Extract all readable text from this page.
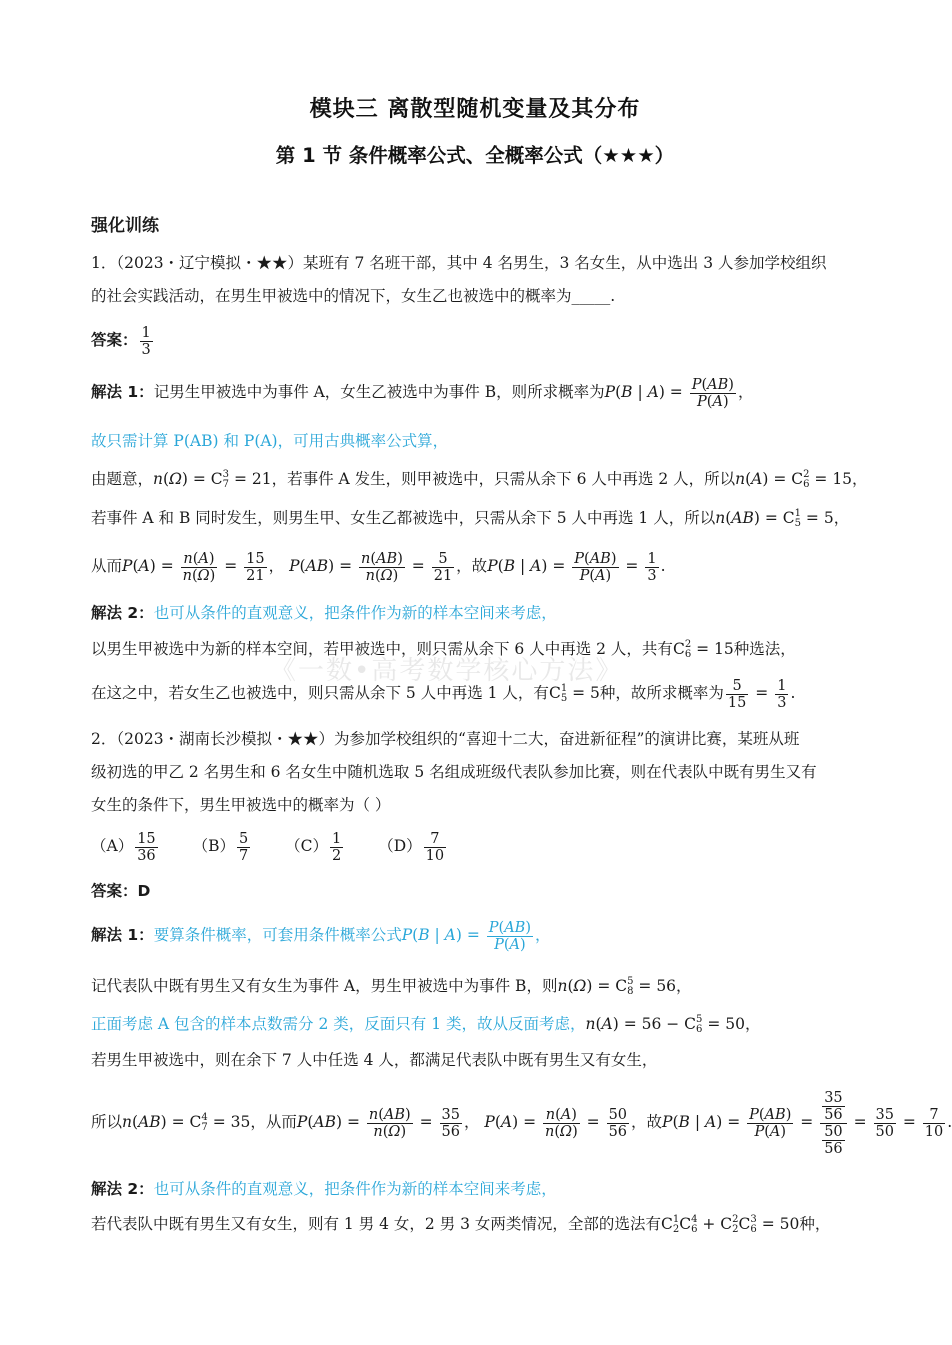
模块三 离散型随机变量及其分布
第 1 节 条件概率公式、全概率公式（★★★）
《一数•高考数学核心方法》
强化训练
1．（2023・辽宁模拟・★★）某班有 7 名班干部，其中 4 名男生，3 名女生，从中选出 3 人参加学校组织
的社会实践活动，在男生甲被选中的情况下，女生乙也被选中的概率为_____.
答案： $\frac{1}{3}$
解法 1：记男生甲被选中为事件 A，女生乙被选中为事件 B，则所求概率为P(B | $A) = \frac{P(AB)}{P(A)}$ ，
故只需计算 P(AB) 和 P(A)，可用古典概率公式算，
由题意，n(Ω) = C 3
7 = 21，若事件 A 发生，则甲被选中，只需从余下 6 人中再选 2 人，所以n(A) = C 2
6 = 15，
若事件 A 和 B 同时发生，则男生甲、女生乙都被选中，只需从余下 5 人中再选 1 人，所以n(AB) = C 1
5 = 5，
从而$P(A) = \frac{n(A)}{n(\Omega)} = \frac{15}{21}$ ， $P(AB) = \frac{n(AB)}{n(\Omega)} = \frac{5}{21}$ ，故P(B | $A) = \frac{P(AB)}{P(A)} = \frac{1}{3}$ .
解法 2：也可从条件的直观意义，把条件作为新的样本空间来考虑，
以男生甲被选中为新的样本空间，若甲被选中，则只需从余下 6 人中再选 2 人，共有C 2
6 = 15种选法，
在这之中，若女生乙也被选中，则只需从余下 5 人中再选 1 人，有C 1
5 = 5种，故所求概率为 $\frac{5}{15} = \frac{1}{3}$ .
2．（2023・湖南长沙模拟・★★）为参加学校组织的“喜迎十二大，奋进新征程”的演讲比赛，某班从班
级初选的甲乙 2 名男生和 6 名女生中随机选取 5 名组成班级代表队参加比赛，则在代表队中既有男生又有
女生的条件下，男生甲被选中的概率为（ ）
$(A) \frac{15}{36} (B) \frac{5}{7} (C) \frac{1}{2} (D) \frac{7}{10}$
答案：D
解法 1：要算条件概率，可套用条件概率公式P(B | $A) = \frac{P(AB)}{P(A)}$ ，
记代表队中既有男生又有女生为事件 A，男生甲被选中为事件 B，则n(Ω) = C 5
8 = 56，
正面考虑 A 包含的样本点数需分 2 类，反面只有 1 类，故从反面考虑，n(A) = 56 − C 5
6 = 50，
若男生甲被选中，则在余下 7 人中任选 4 人，都满足代表队中既有男生又有女生，
所以n(AB) = C 4
7 = 35，从而$P(AB) = \frac{n(AB)}{n(\Omega)} = \frac{35}{56}$ ， $P(A) = \frac{n(A)}{n(\Omega)} = \frac{50}{56}$ ，故P(B | $A) = \frac{P(AB)}{P(A)} = \frac{\frac{35}{56}}{\frac{50}{56}} = \frac{35}{50} = \frac{7}{10}$ .
解法 2：也可从条件的直观意义，把条件作为新的样本空间来考虑，
若代表队中既有男生又有女生，则有 1 男 4 女，2 男 3 女两类情况，全部的选法有C 1
2 C 4
6 + C 2
2 C 3
6 = 50种，
